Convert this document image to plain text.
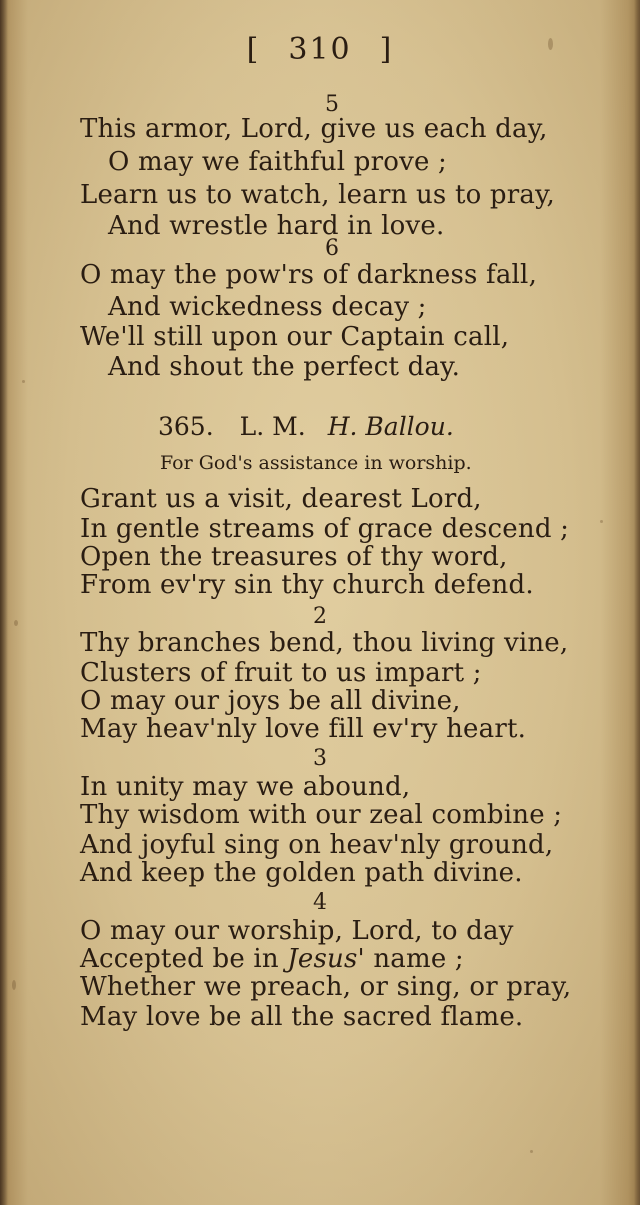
[ 310 ]
5
This armor, Lord, give us each day,
O may we faithful prove ;
Learn us to watch, learn us to pray,
And wrestle hard in love.
6
O may the pow'rs of darkness fall,
And wickedness decay ;
We'll still upon our Captain call,
And shout the perfect day.
365. L. M. H. Ballou.
For God's assistance in worship.
Grant us a visit, dearest Lord,
In gentle streams of grace descend ;
Open the treasures of thy word,
From ev'ry sin thy church defend.
2
Thy branches bend, thou living vine,
Clusters of fruit to us impart ;
O may our joys be all divine,
May heav'nly love fill ev'ry heart.
3
In unity may we abound,
Thy wisdom with our zeal combine ;
And joyful sing on heav'nly ground,
And keep the golden path divine.
4
O may our worship, Lord, to day
Accepted be in Jesus' name ;
Whether we preach, or sing, or pray,
May love be all the sacred flame.
